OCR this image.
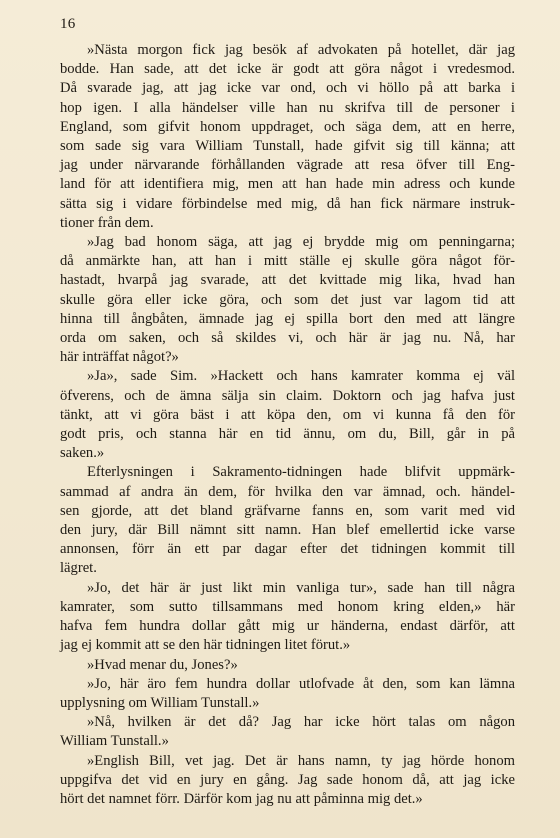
16
»Nästa morgon fick jag besök af advokaten på hotellet, där jag
bodde. Han sade, att det icke är godt att göra något i vredesmod.
Då svarade jag, att jag icke var ond, och vi höllo på att barka i
hop igen. I alla händelser ville han nu skrifva till de personer i
England, som gifvit honom uppdraget, och säga dem, att en herre,
som sade sig vara William Tunstall, hade gifvit sig till känna; att
jag under närvarande förhållanden vägrade att resa öfver till Eng-
land för att identifiera mig, men att han hade min adress och kunde
sätta sig i vidare förbindelse med mig, då han fick närmare instruk-
tioner från dem.
»Jag bad honom säga, att jag ej brydde mig om penningarna;
då anmärkte han, att han i mitt ställe ej skulle göra något för-
hastadt, hvarpå jag svarade, att det kvittade mig lika, hvad han
skulle göra eller icke göra, och som det just var lagom tid att
hinna till ångbåten, ämnade jag ej spilla bort den med att längre
orda om saken, och så skildes vi, och här är jag nu. Nå, har
här inträffat något?»
»Ja», sade Sim. »Hackett och hans kamrater komma ej väl
öfverens, och de ämna sälja sin claim. Doktorn och jag hafva just
tänkt, att vi göra bäst i att köpa den, om vi kunna få den för
godt pris, och stanna här en tid ännu, om du, Bill, går in på
saken.»
Efterlysningen i Sakramento-tidningen hade blifvit uppmärk-
sammad af andra än dem, för hvilka den var ämnad, och. händel-
sen gjorde, att det bland gräfvarne fanns en, som varit med vid
den jury, där Bill nämnt sitt namn. Han blef emellertid icke varse
annonsen, förr än ett par dagar efter det tidningen kommit till
lägret.
»Jo, det här är just likt min vanliga tur», sade han till några
kamrater, som sutto tillsammans med honom kring elden,» här
hafva fem hundra dollar gått mig ur händerna, endast därför, att
jag ej kommit att se den här tidningen litet förut.»
»Hvad menar du, Jones?»
»Jo, här äro fem hundra dollar utlofvade åt den, som kan lämna
upplysning om William Tunstall.»
»Nå, hvilken är det då? Jag har icke hört talas om någon
William Tunstall.»
»English Bill, vet jag. Det är hans namn, ty jag hörde honom
uppgifva det vid en jury en gång. Jag sade honom då, att jag icke
hört det namnet förr. Därför kom jag nu att påminna mig det.»
